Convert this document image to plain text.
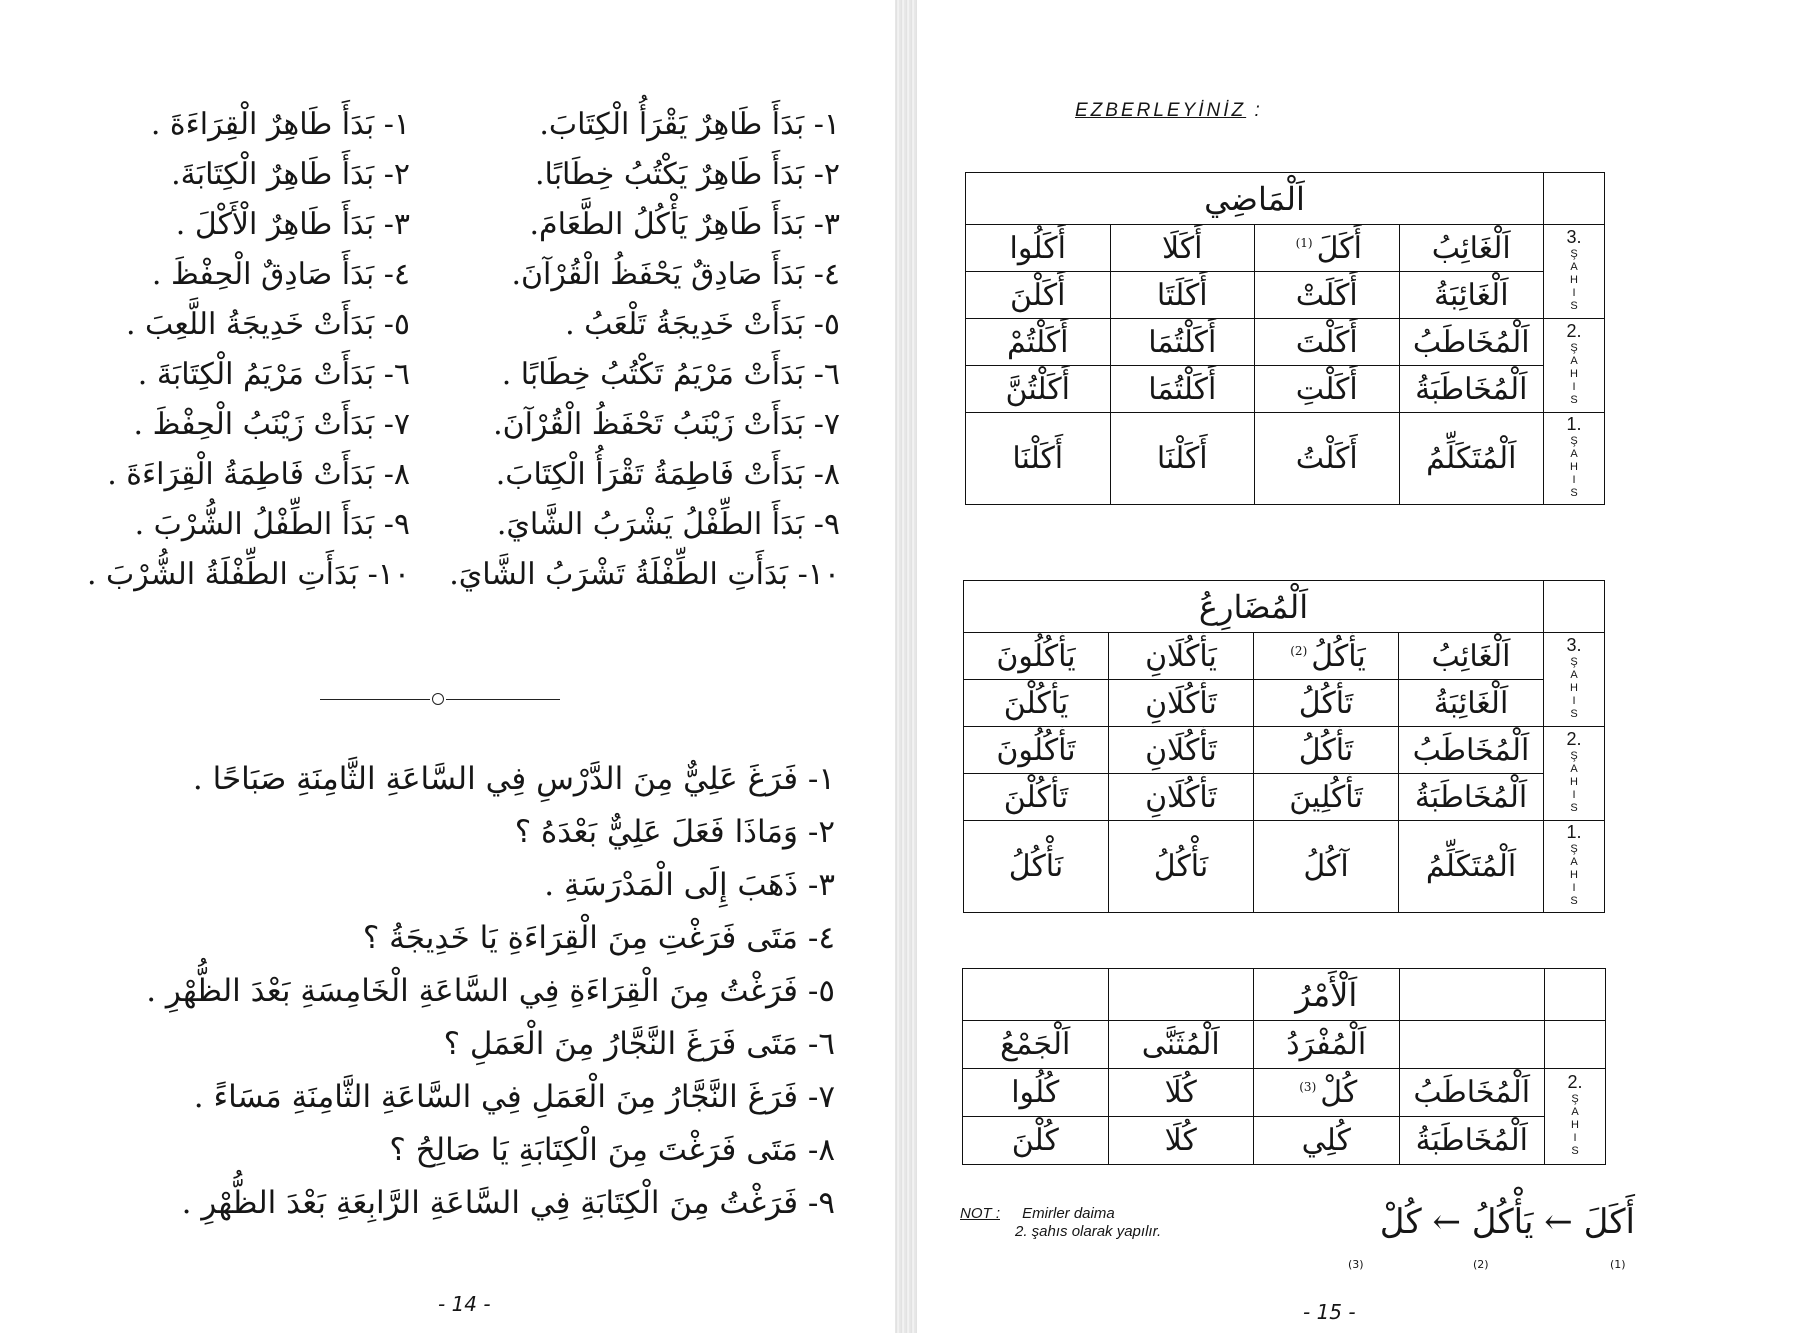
١- بَدَأَ طَاهِرٌ يَقْرَأُ الْكِتَابَ.
١- بَدَأَ طَاهِرٌ الْقِرَاءَةَ .
٢- بَدَأَ طَاهِرٌ يَكْتُبُ خِطَابًا.
٢- بَدَأَ طَاهِرٌ الْكِتَابَةَ.
٣- بَدَأَ طَاهِرٌ يَأْكُلُ الطَّعَامَ.
٣- بَدَأَ طَاهِرٌ الْأَكْلَ .
٤- بَدَأَ صَادِقٌ يَحْفَظُ الْقُرْآنَ.
٤- بَدَأَ صَادِقٌ الْحِفْظَ .
٥- بَدَأَتْ خَدِيجَةُ تَلْعَبُ .
٥- بَدَأَتْ خَدِيجَةُ اللَّعِبَ .
٦- بَدَأَتْ مَرْيَمُ تَكْتُبُ خِطَابًا .
٦- بَدَأَتْ مَرْيَمُ الْكِتَابَةَ .
٧- بَدَأَتْ زَيْنَبُ تَحْفَظُ الْقُرْآنَ.
٧- بَدَأَتْ زَيْنَبُ الْحِفْظَ .
٨- بَدَأَتْ فَاطِمَةُ تَقْرَأُ الْكِتَابَ.
٨- بَدَأَتْ فَاطِمَةُ الْقِرَاءَةَ .
٩- بَدَأَ الطِّفْلُ يَشْرَبُ الشَّايَ.
٩- بَدَأَ الطِّفْلُ الشُّرْبَ .
١٠- بَدَأَتِ الطِّفْلَةُ تَشْرَبُ الشَّايَ.
١٠- بَدَأَتِ الطِّفْلَةُ الشُّرْبَ .
١- فَرَغَ عَلِيٌّ مِنَ الدَّرْسِ فِي السَّاعَةِ الثَّامِنَةِ صَبَاحًا .
٢- وَمَاذَا فَعَلَ عَلِيٌّ بَعْدَهُ ؟
٣- ذَهَبَ إِلَى الْمَدْرَسَةِ .
٤- مَتَى فَرَغْتِ مِنَ الْقِرَاءَةِ يَا خَدِيجَةُ ؟
٥- فَرَغْتُ مِنَ الْقِرَاءَةِ فِي السَّاعَةِ الْخَامِسَةِ بَعْدَ الظُّهْرِ .
٦- مَتَى فَرَغَ النَّجَّارُ مِنَ الْعَمَلِ ؟
٧- فَرَغَ النَّجَّارُ مِنَ الْعَمَلِ فِي السَّاعَةِ الثَّامِنَةِ مَسَاءً .
٨- مَتَى فَرَغْتَ مِنَ الْكِتَابَةِ يَا صَالِحُ ؟
٩- فَرَغْتُ مِنَ الْكِتَابَةِ فِي السَّاعَةِ الرَّابِعَةِ بَعْدَ الظُّهْرِ .
- 14 -
EZBERLEYİNİZ :
اَلْمَاضِي				
أَكَلُوا	أَكَلَا	أَكَلَ$^{(1)}$	اَلْغَائِبُ	3.
ŞAHIS
أَكَلْنَ	أَكَلَتَا	أَكَلَتْ	اَلْغَائِبَةُ	
أَكَلْتُمْ	أَكَلْتُمَا	أَكَلْتَ	اَلْمُخَاطَبُ	2.
ŞAHIS
أَكَلْتُنَّ	أَكَلْتُمَا	أَكَلْتِ	اَلْمُخَاطَبَةُ	
أَكَلْنَا	أَكَلْنَا	أَكَلْتُ	اَلْمُتَكَلِّمُ	1.
ŞAHIS
اَلْمُضَارِعُ				
يَأْكُلُونَ	يَأْكُلَانِ	يَأْكُلُ$^{(2)}$	اَلْغَائِبُ	3.
ŞAHIS
يَأْكُلْنَ	تَأْكُلَانِ	تَأْكُلُ	اَلْغَائِبَةُ	
تَأْكُلُونَ	تَأْكُلَانِ	تَأْكُلُ	اَلْمُخَاطَبُ	2.
ŞAHIS
تَأْكُلْنَ	تَأْكُلَانِ	تَأْكُلِينَ	اَلْمُخَاطَبَةُ	
نَأْكُلُ	نَأْكُلُ	آكُلُ	اَلْمُتَكَلِّمُ	1.
ŞAHIS
		اَلْأَمْرُ		
اَلْجَمْعُ	اَلْمُثَنَّى	اَلْمُفْرَدُ		
كُلُوا	كُلَا	كُلْ$^{(3)}$	اَلْمُخَاطَبُ	2.
ŞAHIS
كُلْنَ	كُلَا	كُلِي	اَلْمُخَاطَبَةُ	
NOT : Emirler daima
2. şahıs olarak yapılır.	أَكَلَ ← يَأْكُلُ ← كُلْ
(1)
(2)
(3)
- 15 -
